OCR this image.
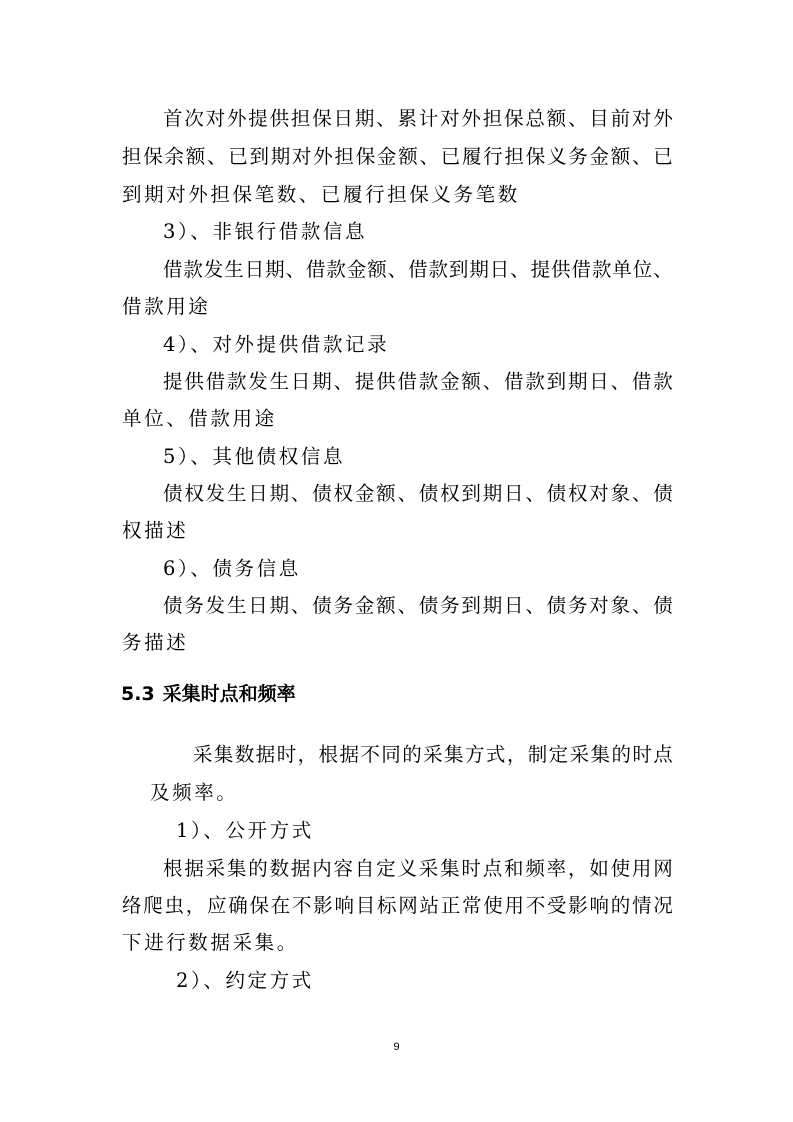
首 次 对 外 提 供 担 保 日 期 、 累 计 对 外 担 保 总 额 、 目 前 对 外
担 保 余 额 、 已 到 期 对 外 担 保 金 额 、 已 履 行 担 保 义 务 金 额 、 已
到期对外担保笔数、已履行担保义务笔数
3）、非银行借款信息
借 款 发 生 日 期 、 借 款 金 额 、 借 款 到 期 日 、 提 供 借 款 单 位 、
借款用途
4）、对外提供借款记录
提 供 借 款 发 生 日 期 、 提 供 借 款 金 额 、 借 款 到 期 日 、 借 款
单位、借款用途
5）、其他债权信息
债 权 发 生 日 期 、 债 权 金 额 、 债 权 到 期 日 、 债 权 对 象 、 债
权描述
6）、债务信息
债 务 发 生 日 期 、 债 务 金 额 、 债 务 到 期 日 、 债 务 对 象 、 债
务描述
5.3 采集时点和频率
采 集 数 据 时 ， 根 据 不 同 的 采 集 方 式 ， 制 定 采 集 的 时 点
及频率。
1）、公开方式
根 据 采 集 的 数 据 内 容 自 定 义 采 集 时 点 和 频 率 ， 如 使 用 网
络 爬 虫 ， 应 确 保 在 不 影 响 目 标 网 站 正 常 使 用 不 受 影 响 的 情 况
下进行数据采集。
2）、约定方式
9
